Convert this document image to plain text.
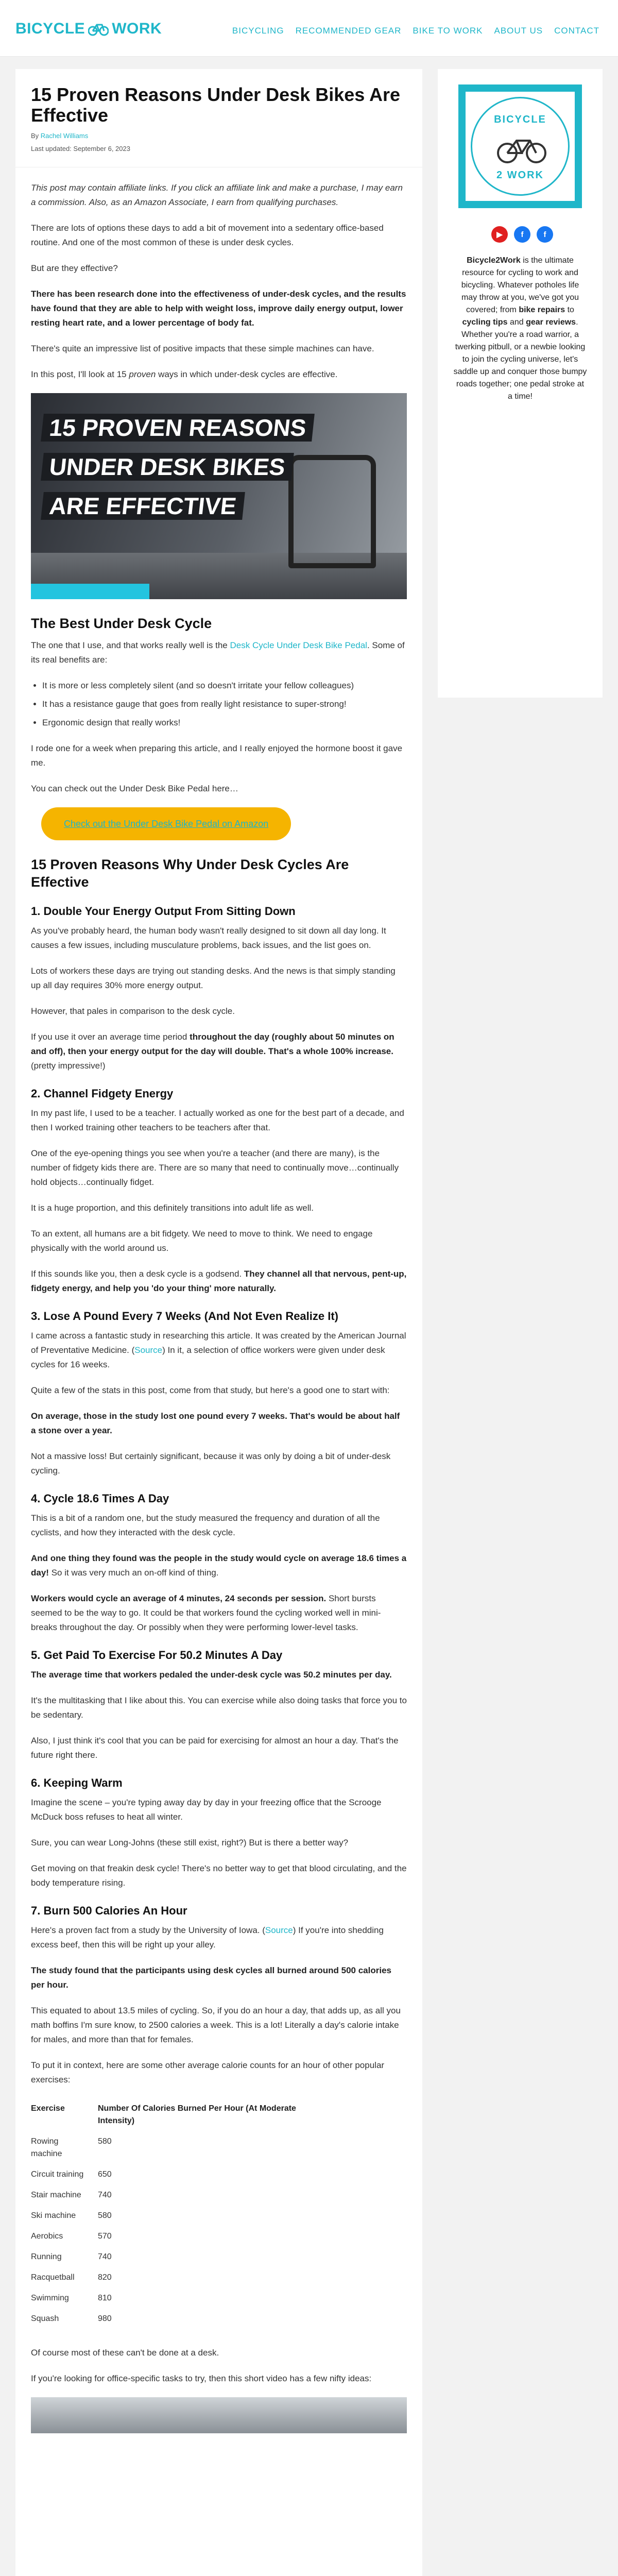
BICYCLE WORK	BICYCLING RECOMMENDED GEAR BIKE TO WORK ABOUT US CONTACT
15 Proven Reasons Under Desk Bikes Are Effective
By Rachel Williams
Last updated: September 6, 2023

This post may contain affiliate links. If you click an affiliate link and make a purchase, I may earn a commission. Also, as an Amazon Associate, I earn from qualifying purchases.

There are lots of options these days to add a bit of movement into a sedentary office-based routine. And one of the most common of these is under desk cycles.

But are they effective?

There has been research done into the effectiveness of under-desk cycles, and the results have found that they are able to help with weight loss, improve daily energy output, lower resting heart rate, and a lower percentage of body fat.

There's quite an impressive list of positive impacts that these simple machines can have.

In this post, I'll look at 15 proven ways in which under-desk cycles are effective.

15 PROVEN REASONS
UNDER DESK BIKES
ARE EFFECTIVE
The Best Under Desk Cycle

The one that I use, and that works really well is the Desk Cycle Under Desk Bike Pedal. Some of its real benefits are:

• It is more or less completely silent (and so doesn't irritate your fellow colleagues)
• It has a resistance gauge that goes from really light resistance to super-strong!
• Ergonomic design that really works!

I rode one for a week when preparing this article, and I really enjoyed the hormone boost it gave me.

You can check out the Under Desk Bike Pedal here…

Check out the Under Desk Bike Pedal on Amazon
15 Proven Reasons Why Under Desk Cycles Are Effective
1. Double Your Energy Output From Sitting Down

As you've probably heard, the human body wasn't really designed to sit down all day long. It causes a few issues, including musculature problems, back issues, and the list goes on.

Lots of workers these days are trying out standing desks. And the news is that simply standing up all day requires 30% more energy output.

However, that pales in comparison to the desk cycle.

If you use it over an average time period throughout the day (roughly about 50 minutes on and off), then your energy output for the day will double. That's a whole 100% increase. (pretty impressive!)

2. Channel Fidgety Energy

In my past life, I used to be a teacher. I actually worked as one for the best part of a decade, and then I worked training other teachers to be teachers after that.

One of the eye-opening things you see when you're a teacher (and there are many), is the number of fidgety kids there are. There are so many that need to continually move…continually hold objects…continually fidget.

It is a huge proportion, and this definitely transitions into adult life as well.

To an extent, all humans are a bit fidgety. We need to move to think. We need to engage physically with the world around us.

If this sounds like you, then a desk cycle is a godsend. They channel all that nervous, pent-up, fidgety energy, and help you 'do your thing' more naturally.

3. Lose A Pound Every 7 Weeks (And Not Even Realize It)

I came across a fantastic study in researching this article. It was created by the American Journal of Preventative Medicine. (Source) In it, a selection of office workers were given under desk cycles for 16 weeks.

Quite a few of the stats in this post, come from that study, but here's a good one to start with:

On average, those in the study lost one pound every 7 weeks. That's would be about half a stone over a year.

Not a massive loss! But certainly significant, because it was only by doing a bit of under-desk cycling.

4. Cycle 18.6 Times A Day

This is a bit of a random one, but the study measured the frequency and duration of all the cyclists, and how they interacted with the desk cycle.

And one thing they found was the people in the study would cycle on average 18.6 times a day! So it was very much an on-off kind of thing.

Workers would cycle an average of 4 minutes, 24 seconds per session. Short bursts seemed to be the way to go. It could be that workers found the cycling worked well in mini-breaks throughout the day. Or possibly when they were performing lower-level tasks.

5. Get Paid To Exercise For 50.2 Minutes A Day

The average time that workers pedaled the under-desk cycle was 50.2 minutes per day.

It's the multitasking that I like about this. You can exercise while also doing tasks that force you to be sedentary.

Also, I just think it's cool that you can be paid for exercising for almost an hour a day. That's the future right there.

6. Keeping Warm

Imagine the scene – you're typing away day by day in your freezing office that the Scrooge McDuck boss refuses to heat all winter.

Sure, you can wear Long-Johns (these still exist, right?) But is there a better way?

Get moving on that freakin desk cycle! There's no better way to get that blood circulating, and the body temperature rising.

7. Burn 500 Calories An Hour

Here's a proven fact from a study by the University of Iowa. (Source) If you're into shedding excess beef, then this will be right up your alley.

The study found that the participants using desk cycles all burned around 500 calories per hour.

This equated to about 13.5 miles of cycling. So, if you do an hour a day, that adds up, as all you math boffins I'm sure know, to 2500 calories a week. This is a lot! Literally a day's calorie intake for males, and more than that for females.

To put it in context, here are some other average calorie counts for an hour of other popular exercises:

Exercise	Number Of Calories Burned Per Hour (At Moderate Intensity)
Rowing machine	580
Circuit training	650
Stair machine	740
Ski machine	580
Aerobics	570
Running	740
Racquetball	820
Swimming	810
Squash	980

Of course most of these can't be done at a desk.

If you're looking for office-specific tasks to try, then this short video has a few nifty ideas:

BICYCLE
2 WORK
▶	f	f
Bicycle2Work is the ultimate resource for cycling to work and bicycling. Whatever potholes life may throw at you, we've got you covered; from bike repairs to cycling tips and gear reviews. Whether you're a road warrior, a twerking pitbull, or a newbie looking to join the cycling universe, let's saddle up and conquer those bumpy roads together; one pedal stroke at a time!
